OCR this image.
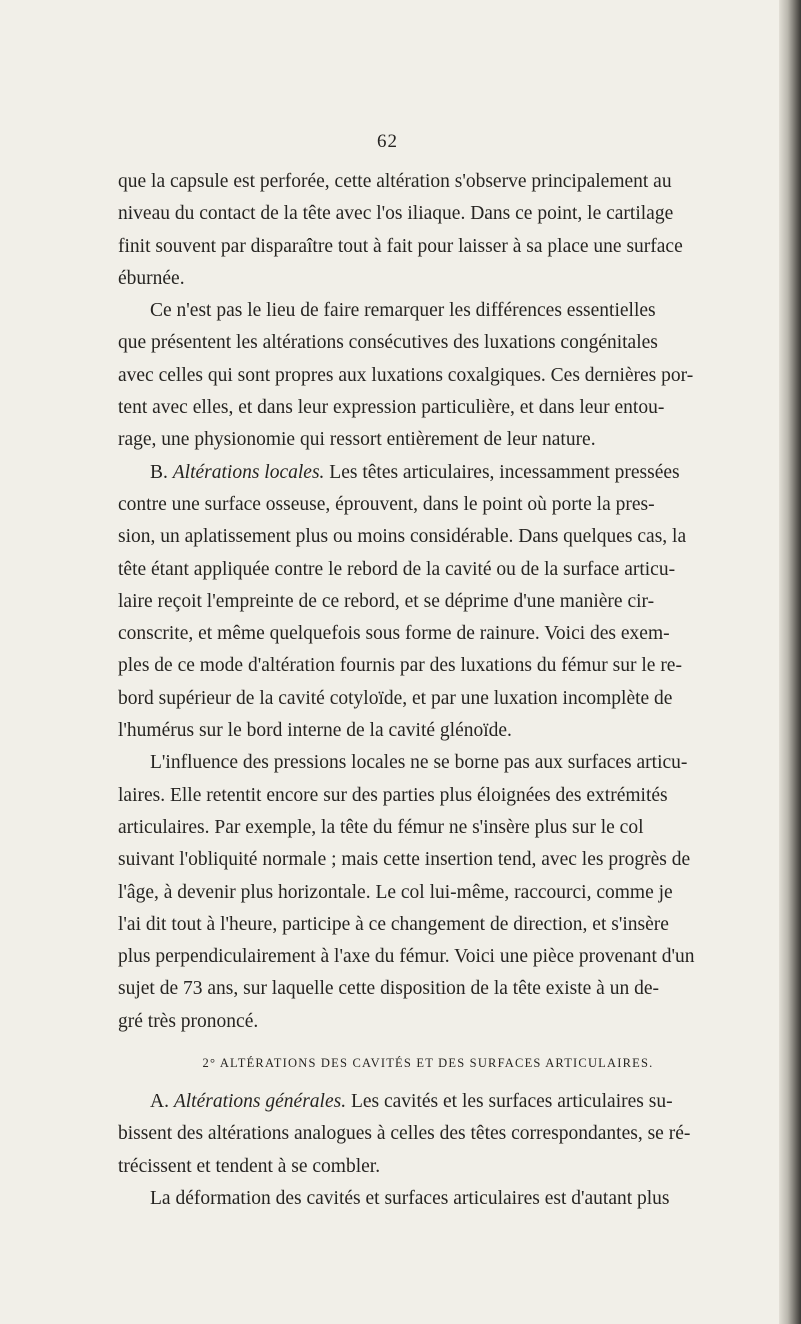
62

que la capsule est perforée, cette altération s'observe principalement au
niveau du contact de la tête avec l'os iliaque. Dans ce point, le cartilage
finit souvent par disparaître tout à fait pour laisser à sa place une surface
éburnée.

Ce n'est pas le lieu de faire remarquer les différences essentielles
que présentent les altérations consécutives des luxations congénitales
avec celles qui sont propres aux luxations coxalgiques. Ces dernières por-
tent avec elles, et dans leur expression particulière, et dans leur entou-
rage, une physionomie qui ressort entièrement de leur nature.

B. Altérations locales. Les têtes articulaires, incessamment pressées
contre une surface osseuse, éprouvent, dans le point où porte la pres-
sion, un aplatissement plus ou moins considérable. Dans quelques cas, la
tête étant appliquée contre le rebord de la cavité ou de la surface articu-
laire reçoit l'empreinte de ce rebord, et se déprime d'une manière cir-
conscrite, et même quelquefois sous forme de rainure. Voici des exem-
ples de ce mode d'altération fournis par des luxations du fémur sur le re-
bord supérieur de la cavité cotyloïde, et par une luxation incomplète de
l'humérus sur le bord interne de la cavité glénoïde.

L'influence des pressions locales ne se borne pas aux surfaces articu-
laires. Elle retentit encore sur des parties plus éloignées des extrémités
articulaires. Par exemple, la tête du fémur ne s'insère plus sur le col
suivant l'obliquité normale ; mais cette insertion tend, avec les progrès de
l'âge, à devenir plus horizontale. Le col lui-même, raccourci, comme je
l'ai dit tout à l'heure, participe à ce changement de direction, et s'insère
plus perpendiculairement à l'axe du fémur. Voici une pièce provenant d'un
sujet de 73 ans, sur laquelle cette disposition de la tête existe à un de-
gré très prononcé.

2° ALTÉRATIONS DES CAVITÉS ET DES SURFACES ARTICULAIRES.

A. Altérations générales. Les cavités et les surfaces articulaires su-
bissent des altérations analogues à celles des têtes correspondantes, se ré-
trécissent et tendent à se combler.

La déformation des cavités et surfaces articulaires est d'autant plus
